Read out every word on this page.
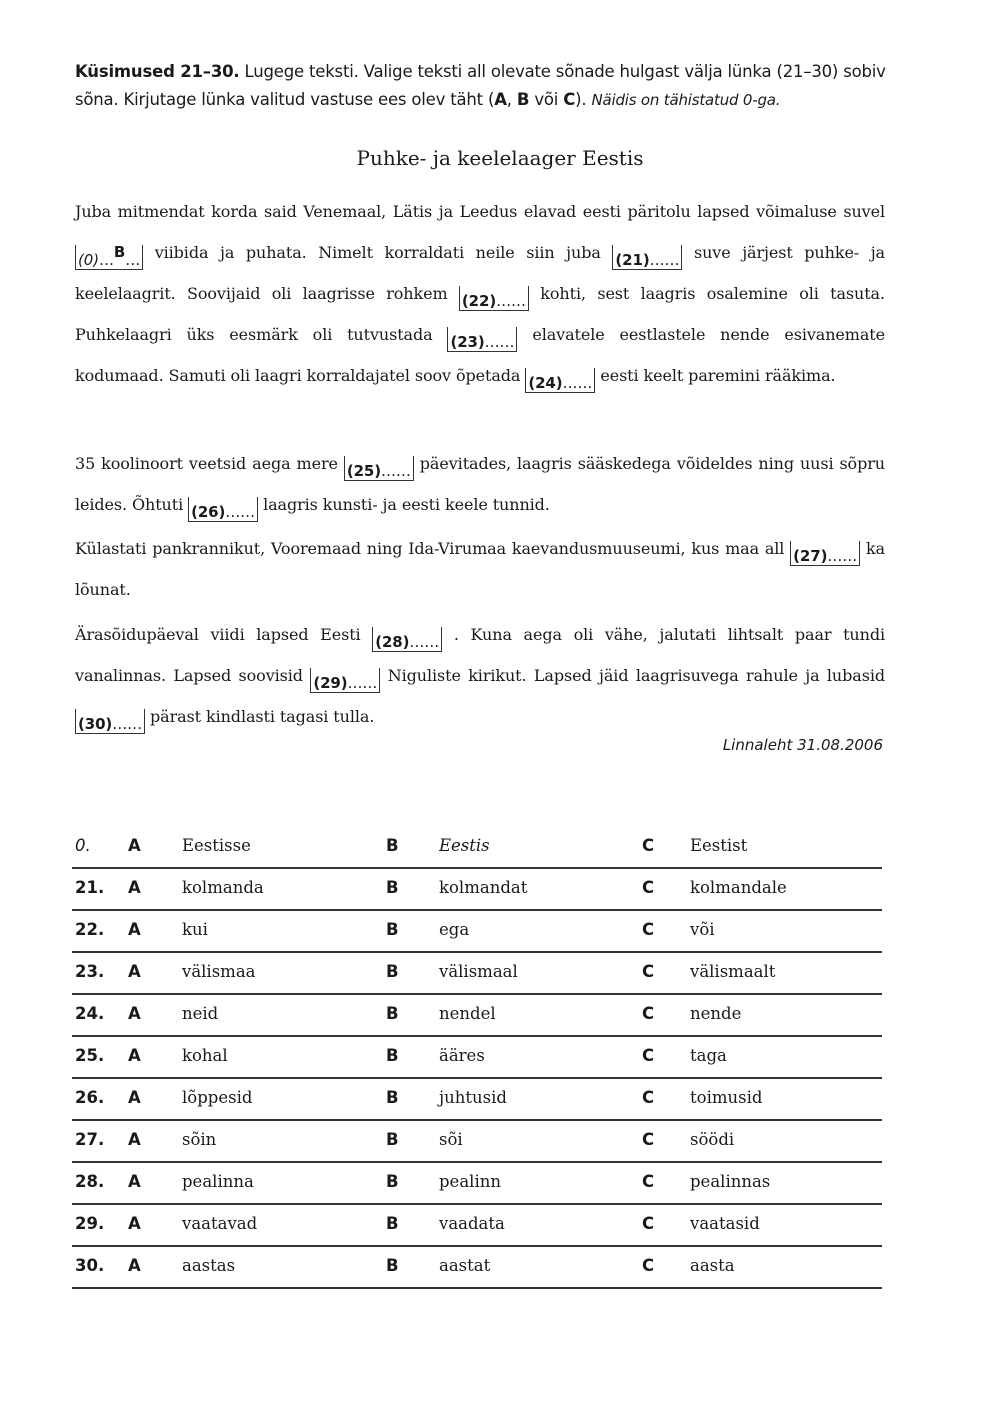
Küsimused 21–30. Lugege teksti. Valige teksti all olevate sõnade hulgast välja lünka (21–30) sobiv sõna. Kirjutage lünka valitud vastuse ees olev täht (A, B või C). Näidis on tähistatud 0-ga.
Puhke- ja keelelaager Eestis
Juba mitmendat korda said Venemaal, Lätis ja Leedus elavad eesti päritolu lapsed võimaluse suvel (0)…B… viibida ja puhata. Nimelt korraldati neile siin juba (21)…… suve järjest puhke- ja keelelaagrit. Soovijaid oli laagrisse rohkem (22)…… kohti, sest laagris osalemine oli tasuta. Puhkelaagri üks eesmärk oli tutvustada (23)…… elavatele eestlastele nende esivanemate kodumaad. Samuti oli laagri korraldajatel soov õpetada (24)…… eesti keelt paremini rääkima.
35 koolinoort veetsid aega mere (25)…… päevitades, laagris sääskedega võideldes ning uusi sõpru leides. Õhtuti (26)…… laagris kunsti- ja eesti keele tunnid.
Külastati pankrannikut, Vooremaad ning Ida-Virumaa kaevandusmuuseumi, kus maa all (27)…… ka lõunat.
Ärasõidupäeval viidi lapsed Eesti (28)…… . Kuna aega oli vähe, jalutati lihtsalt paar tundi vanalinnas. Lapsed soovisid (29)…… Niguliste kirikut. Lapsed jäid laagrisuvega rahule ja lubasid (30)…… pärast kindlasti tagasi tulla.
Linnaleht 31.08.2006
0. A Eestisse	B Eestis	C Eestist
21. A kolmanda	B kolmandat	C kolmandale
22. A kui	B ega	C või
23. A välismaa	B välismaal	C välismaalt
24. A neid	B nendel	C nende
25. A kohal	B ääres	C taga
26. A lõppesid	B juhtusid	C toimusid
27. A sõin	B sõi	C söödi
28. A pealinna	B pealinn	C pealinnas
29. A vaatavad	B vaadata	C vaatasid
30. A aastas	B aastat	C aasta
